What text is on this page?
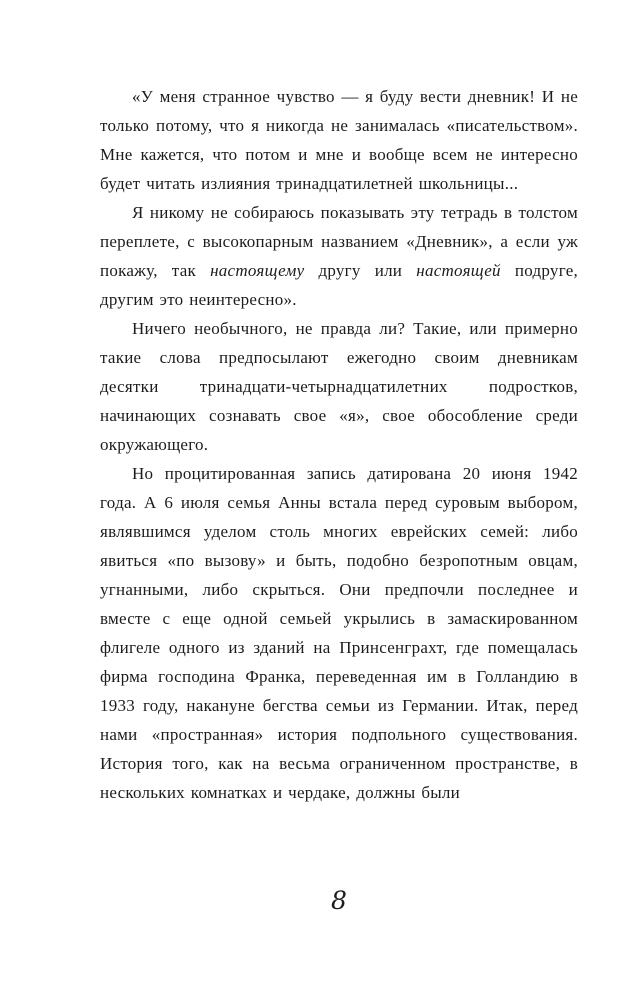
«У меня странное чувство — я буду вести дневник! И не только потому, что я никогда не занималась «писательством». Мне кажется, что потом и мне и вообще всем не интересно будет читать излияния тринадцатилетней школьницы...

Я никому не собираюсь показывать эту тетрадь в толстом переплете, с высокопарным названием «Дневник», а если уж покажу, так настоящему другу или настоящей подруге, другим это неинтересно».

Ничего необычного, не правда ли? Такие, или примерно такие слова предпосылают ежегодно своим дневникам десятки тринадцати-четырнадцатилетних подростков, начинающих сознавать свое «я», свое обособление среди окружающего.

Но процитированная запись датирована 20 июня 1942 года. А 6 июля семья Анны встала перед суровым выбором, являвшимся уделом столь многих еврейских семей: либо явиться «по вызову» и быть, подобно безропотным овцам, угнанными, либо скрыться. Они предпочли последнее и вместе с еще одной семьей укрылись в замаскированном флигеле одного из зданий на Принсенграхт, где помещалась фирма господина Франка, переведенная им в Голландию в 1933 году, накануне бегства семьи из Германии. Итак, перед нами «пространная» история подпольного существования. История того, как на весьма ограниченном пространстве, в нескольких комнатках и чердаке, должны были

8
